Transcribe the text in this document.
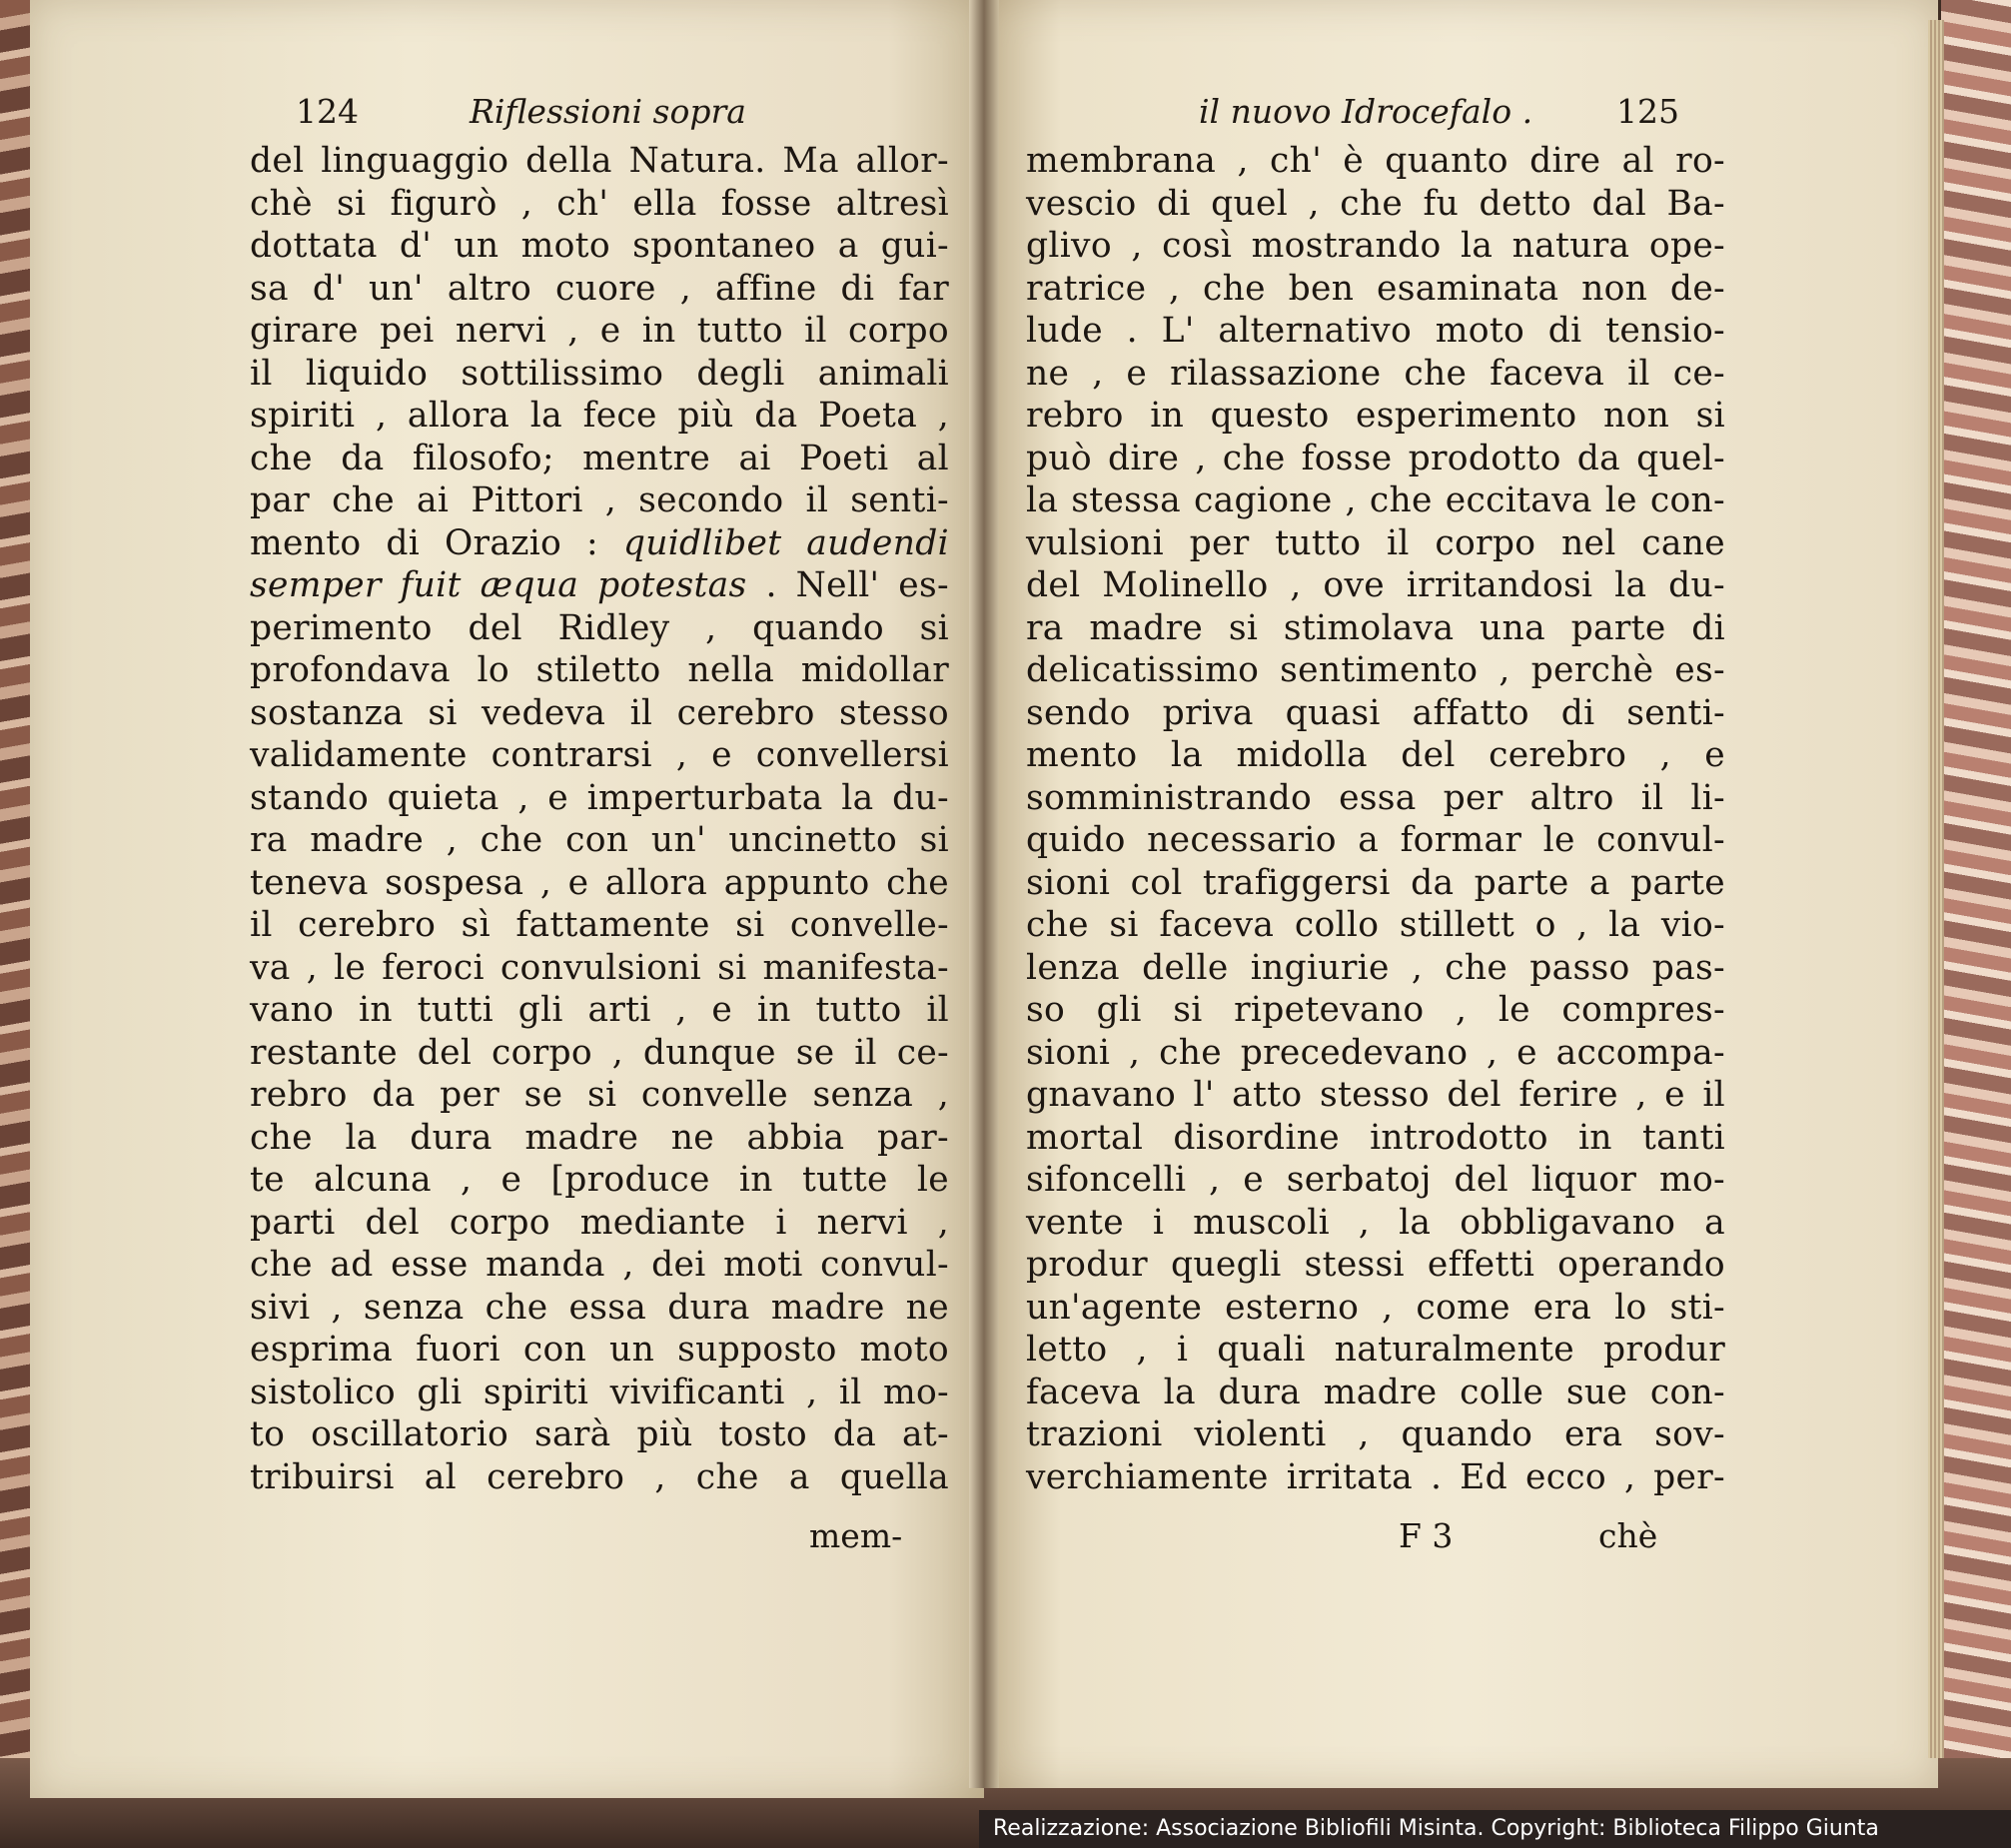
124	Riflessioni sopra	il nuovo Idrocefalo .	125
del linguaggio della Natura. Ma allor-
chè si figurò , ch' ella fosse altresì
dottata d' un moto spontaneo a gui-
sa d' un' altro cuore , affine di far
girare pei nervi , e in tutto il corpo
il liquido sottilissimo degli animali
spiriti , allora la fece più da Poeta ,
che da filosofo; mentre ai Poeti al
par che ai Pittori , secondo il senti-
mento di Orazio : quidlibet audendi
semper fuit æqua potestas . Nell' es-
perimento del Ridley , quando si
profondava lo stiletto nella midollar
sostanza si vedeva il cerebro stesso
validamente contrarsi , e convellersi
stando quieta , e imperturbata la du-
ra madre , che con un' uncinetto si
teneva sospesa , e allora appunto che
il cerebro sì fattamente si convelle-
va , le feroci convulsioni si manifesta-
vano in tutti gli arti , e in tutto il
restante del corpo , dunque se il ce-
rebro da per se si convelle senza ,
che la dura madre ne abbia par-
te alcuna , e [produce in tutte le
parti del corpo mediante i nervi ,
che ad esse manda , dei moti convul-
sivi , senza che essa dura madre ne
esprima fuori con un supposto moto
sistolico gli spiriti vivificanti , il mo-
to oscillatorio sarà più tosto da at-
tribuirsi al cerebro , che a quella
mem-
membrana , ch' è quanto dire al ro-
vescio di quel , che fu detto dal Ba-
glivo , così mostrando la natura ope-
ratrice , che ben esaminata non de-
lude . L' alternativo moto di tensio-
ne , e rilassazione che faceva il ce-
rebro in questo esperimento non si
può dire , che fosse prodotto da quel-
la stessa cagione , che eccitava le con-
vulsioni per tutto il corpo nel cane
del Molinello , ove irritandosi la du-
ra madre si stimolava una parte di
delicatissimo sentimento , perchè es-
sendo priva quasi affatto di senti-
mento la midolla del cerebro , e
somministrando essa per altro il li-
quido necessario a formar le convul-
sioni col trafiggersi da parte a parte
che si faceva collo stillett o , la vio-
lenza delle ingiurie , che passo pas-
so gli si ripetevano , le compres-
sioni , che precedevano , e accompa-
gnavano l' atto stesso del ferire , e il
mortal disordine introdotto in tanti
sifoncelli , e serbatoj del liquor mo-
vente i muscoli , la obbligavano a
produr quegli stessi effetti operando
un'agente esterno , come era lo sti-
letto , i quali naturalmente produr
faceva la dura madre colle sue con-
trazioni violenti , quando era sov-
verchiamente irritata . Ed ecco , per-
F 3	chè
Realizzazione: Associazione Bibliofili Misinta. Copyright: Biblioteca Filippo Giunta
